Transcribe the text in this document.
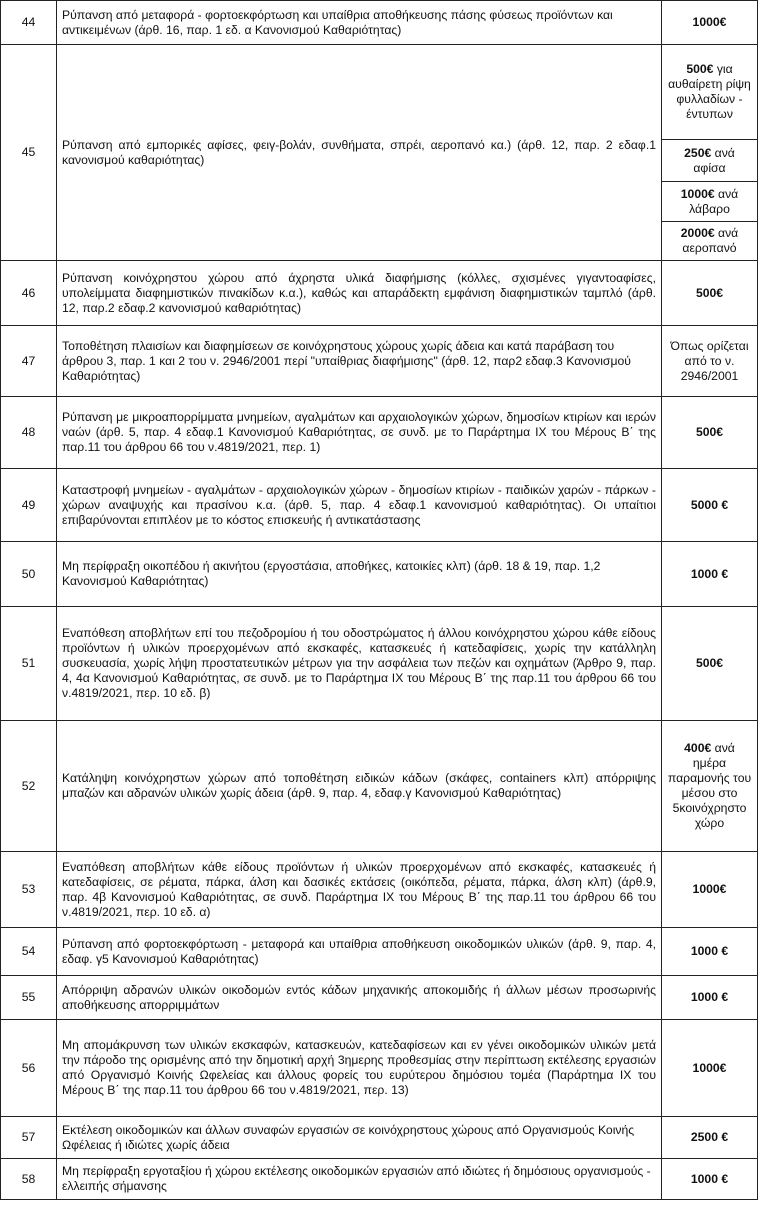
44	Ρύπανση από μεταφορά - φορτοεκφόρτωση και υπαίθρια αποθήκευσης πάσης φύσεως προϊόντων και αντικειμένων (άρθ. 16, παρ. 1 εδ. α Κανονισμού Καθαριότητας)	1000€
45	Ρύπανση από εμπορικές αφίσες, φειγ-βολάν, συνθήματα, σπρέι, αεροπανό κα.) (άρθ. 12, παρ. 2 εδαφ.1 κανονισμού καθαριότητας)	500€ για αυθαίρετη ρίψη φυλλαδίων - έντυπων
		250€ ανά αφίσα
		1000€ ανά λάβαρο
		2000€ ανά αεροπανό
46	Ρύπανση κοινόχρηστου χώρου από άχρηστα υλικά διαφήμισης (κόλλες, σχισμένες γιγαντοαφίσες, υπολείμματα διαφημιστικών πινακίδων κ.α.), καθώς και απαράδεκτη εμφάνιση διαφημιστικών ταμπλό (άρθ. 12, παρ.2 εδαφ.2 κανονισμού καθαριότητας)	500€
47	Τοποθέτηση πλαισίων και διαφημίσεων σε κοινόχρηστους χώρους χωρίς άδεια και κατά παράβαση του άρθρου 3, παρ. 1 και 2 του ν. 2946/2001 περί "υπαίθριας διαφήμισης" (άρθ. 12, παρ2 εδαφ.3 Κανονισμού Καθαριότητας)	Όπως ορίζεται από το ν. 2946/2001
48	Ρύπανση με μικροαπορρίμματα μνημείων, αγαλμάτων και αρχαιολογικών χώρων, δημοσίων κτιρίων και ιερών ναών (άρθ. 5, παρ. 4 εδαφ.1 Κανονισμού Καθαριότητας, σε συνδ. με το Παράρτημα IX του Μέρους Β΄ της παρ.11 του άρθρου 66 του ν.4819/2021, περ. 1)	500€
49	Καταστροφή μνημείων - αγαλμάτων - αρχαιολογικών χώρων - δημοσίων κτιρίων - παιδικών χαρών - πάρκων - χώρων αναψυχής και πρασίνου κ.α. (άρθ. 5, παρ. 4 εδαφ.1 κανονισμού καθαριότητας). Οι υπαίτιοι επιβαρύνονται επιπλέον με το κόστος επισκευής ή αντικατάστασης	5000 €
50	Μη περίφραξη οικοπέδου ή ακινήτου (εργοστάσια, αποθήκες, κατοικίες κλπ) (άρθ. 18 & 19, παρ. 1,2 Κανονισμού Καθαριότητας)	1000 €
51	Εναπόθεση αποβλήτων επί του πεζοδρομίου ή του οδοστρώματος ή άλλου κοινόχρηστου χώρου κάθε είδους προϊόντων ή υλικών προερχομένων από εκσκαφές, κατασκευές ή κατεδαφίσεις, χωρίς την κατάλληλη συσκευασία, χωρίς λήψη προστατευτικών μέτρων για την ασφάλεια των πεζών και οχημάτων (Άρθρο 9, παρ. 4, 4α Κανονισμού Καθαριότητας, σε συνδ. με το Παράρτημα IX του Μέρους Β΄ της παρ.11 του άρθρου 66 του ν.4819/2021, περ. 10 εδ. β)	500€
52	Κατάληψη κοινόχρηστων χώρων από τοποθέτηση ειδικών κάδων (σκάφες, containers κλπ) απόρριψης μπαζών και αδρανών υλικών χωρίς άδεια (άρθ. 9, παρ. 4, εδαφ.γ Κανονισμού Καθαριότητας)	400€ ανά ημέρα παραμονής του μέσου στο 5κοινόχρηστο χώρο
53	Εναπόθεση αποβλήτων κάθε είδους προϊόντων ή υλικών προερχομένων από εκσκαφές, κατασκευές ή κατεδαφίσεις, σε ρέματα, πάρκα, άλση και δασικές εκτάσεις (οικόπεδα, ρέματα, πάρκα, άλση κλπ) (άρθ.9, παρ. 4β Κανονισμού Καθαριότητας, σε συνδ. Παράρτημα IX του Μέρους Β΄ της παρ.11 του άρθρου 66 του ν.4819/2021, περ. 10 εδ. α)	1000€
54	Ρύπανση από φορτοεκφόρτωση - μεταφορά και υπαίθρια αποθήκευση οικοδομικών υλικών (άρθ. 9, παρ. 4, εδαφ. γ5 Κανονισμού Καθαριότητας)	1000 €
55	Απόρριψη αδρανών υλικών οικοδομών εντός κάδων μηχανικής αποκομιδής ή άλλων μέσων προσωρινής αποθήκευσης απορριμμάτων	1000 €
56	Μη απομάκρυνση των υλικών εκσκαφών, κατασκευών, κατεδαφίσεων και εν γένει οικοδομικών υλικών μετά την πάροδο της ορισμένης από την δημοτική αρχή 3ημερης προθεσμίας στην περίπτωση εκτέλεσης εργασιών από Οργανισμό Κοινής Ωφελείας και άλλους φορείς του ευρύτερου δημόσιου τομέα (Παράρτημα IX του Μέρους Β΄ της παρ.11 του άρθρου 66 του ν.4819/2021, περ. 13)	1000€
57	Εκτέλεση οικοδομικών και άλλων συναφών εργασιών σε κοινόχρηστους χώρους από Οργανισμούς Κοινής Ωφέλειας ή ιδιώτες χωρίς άδεια	2500 €
58	Μη περίφραξη εργοταξίου ή χώρου εκτέλεσης οικοδομικών εργασιών από ιδιώτες ή δημόσιους οργανισμούς - ελλειπής σήμανσης	1000 €
